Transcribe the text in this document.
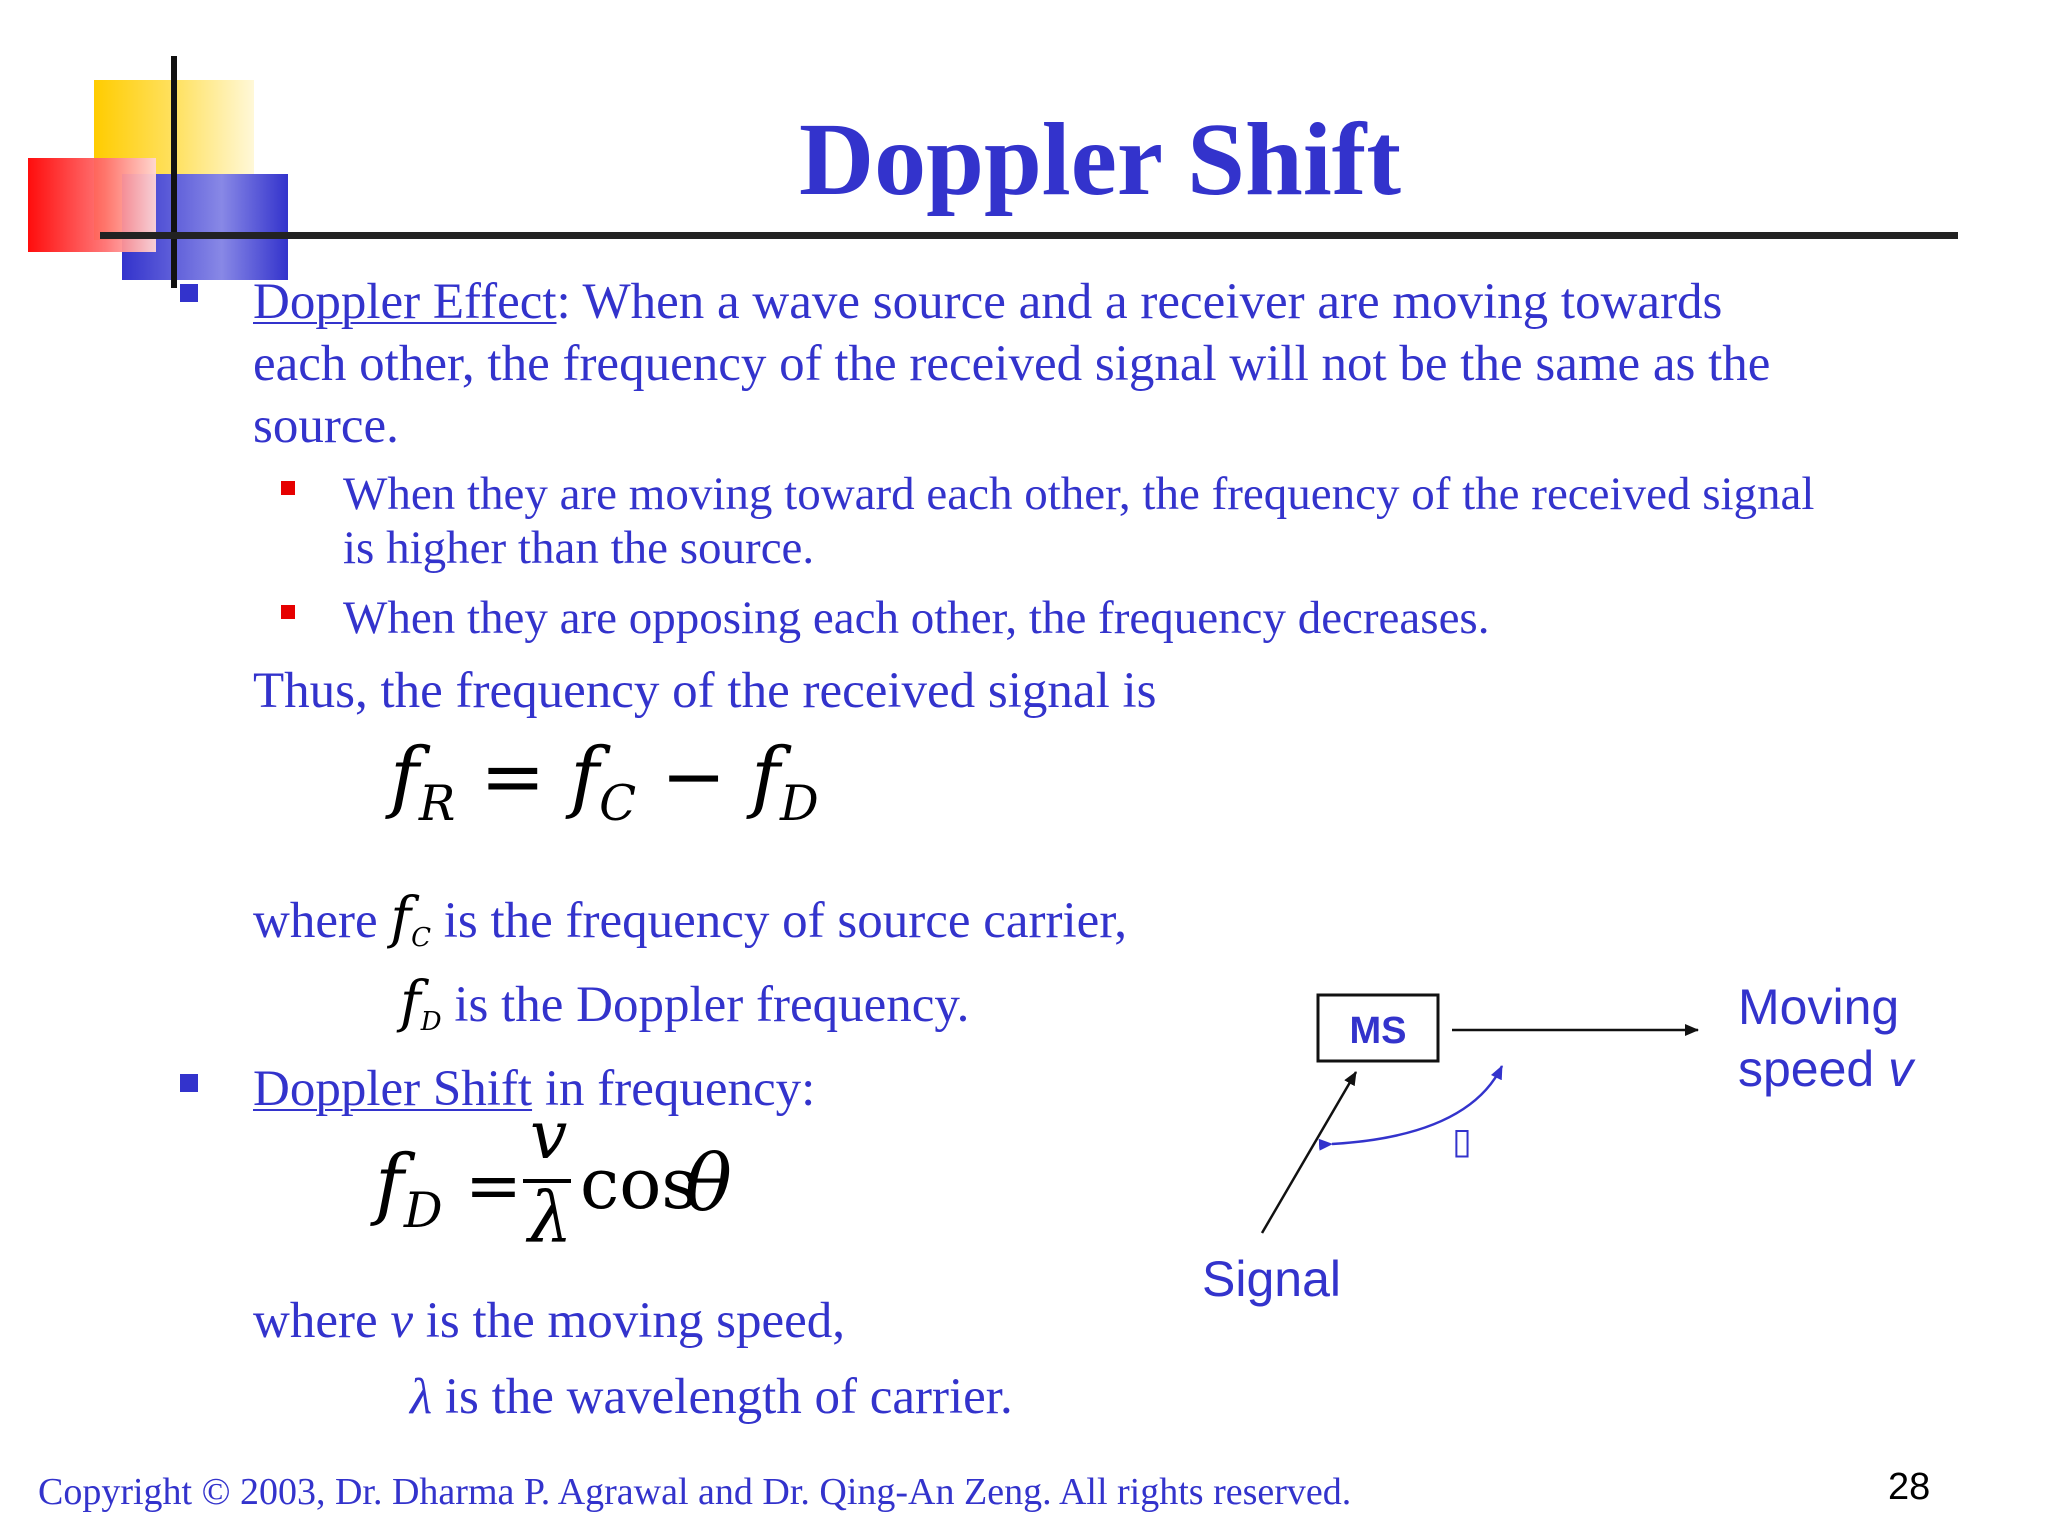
Doppler Shift
Doppler Effect: When a wave source and a receiver are moving towards
each other, the frequency of the received signal will not be the same as the
source.
When they are moving toward each other, the frequency of the received signal
is higher than the source.
When they are opposing each other, the frequency decreases.
Thus, the frequency of the received signal is
$f_R = f_C - f_D$
where fC is the frequency of source carrier,
fD is the Doppler frequency.
Doppler Shift in frequency:
$f_D$ =
v
λ cos
θ
where v is the moving speed,
λ is the wavelength of carrier.
MS
▯
Moving
speed v
Signal
Copyright © 2003, Dr. Dharma P. Agrawal and Dr. Qing-An Zeng. All rights reserved.	28
